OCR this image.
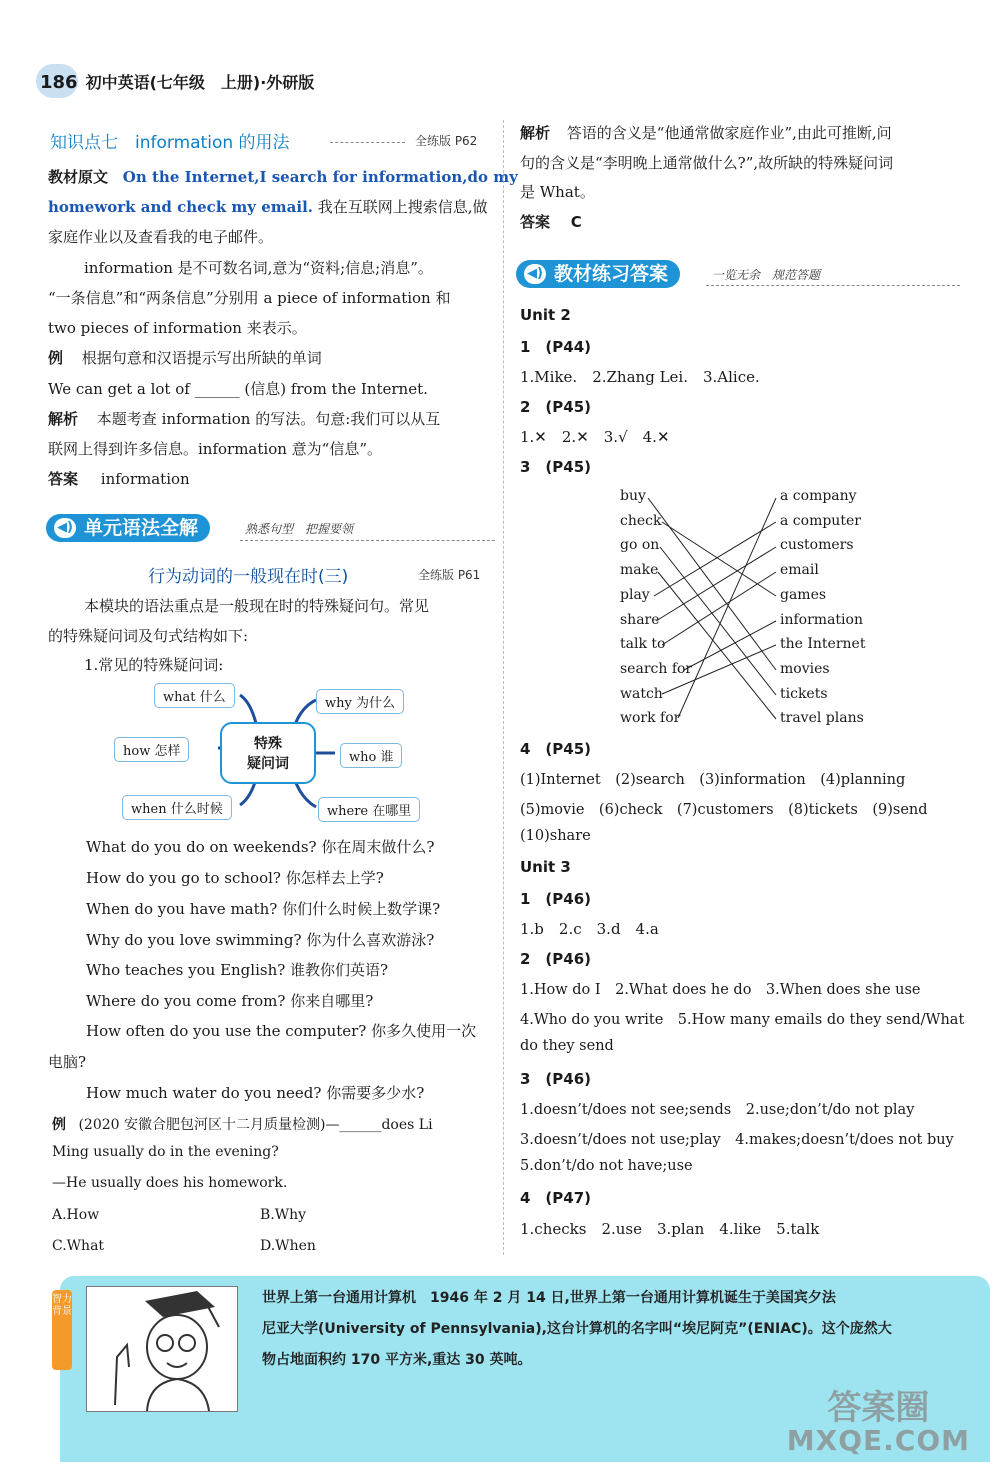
186 初中英语(七年级　上册)·外研版
知识点七　information 的用法	全练版 P62
教材原文 On the Internet,I search for information,do my
homework and check my email. 我在互联网上搜索信息,做
家庭作业以及查看我的电子邮件。
information 是不可数名词,意为“资料;信息;消息”。
“一条信息”和“两条信息”分别用 a piece of information 和
two pieces of information 来表示。
例 根据句意和汉语提示写出所缺的单词
We can get a lot of ______ (信息) from the Internet.
解析 本题考查 information 的写法。句意:我们可以从互
联网上得到许多信息。information 意为“信息”。
答案 information
◀) 单元语法全解	熟悉句型　把握要领
行为动词的一般现在时(三)	全练版 P61
本模块的语法重点是一般现在时的特殊疑问句。常见
的特殊疑问词及句式结构如下:
1.常见的特殊疑问词:
what 什么
how 怎样
when 什么时候
why 为什么
who 谁
where 在哪里
特殊
疑问词
What do you do on weekends? 你在周末做什么?
How do you go to school? 你怎样去上学?
When do you have math? 你们什么时候上数学课?
Why do you love swimming? 你为什么喜欢游泳?
Who teaches you English? 谁教你们英语?
Where do you come from? 你来自哪里?
How often do you use the computer? 你多久使用一次
电脑?
How much water do you need? 你需要多少水?
例 (2020 安徽合肥包河区十二月质量检测)—______does Li
Ming usually do in the evening?
—He usually does his homework.
A.How	B.Why
C.What	D.When
解析 答语的含义是“他通常做家庭作业”,由此可推断,问
句的含义是“李明晚上通常做什么?”,故所缺的特殊疑问词
是 What。
答案 C
◀) 教材练习答案	一览无余　规范答题
Unit 2
1　(P44)
1.Mike.　2.Zhang Lei.　3.Alice.
2　(P45)
1.✕　2.✕　3.√　4.✕
3　(P45)
buy
check
go on
make
play
share
talk to
search for
watch
work for
a company
a computer
customers
email
games
information
the Internet
movies
tickets
travel plans
4　(P45)
(1)Internet　(2)search　(3)information　(4)planning
(5)movie　(6)check　(7)customers　(8)tickets　(9)send
(10)share
Unit 3
1　(P46)
1.b　2.c　3.d　4.a
2　(P46)
1.How do I　2.What does he do　3.When does she use
4.Who do you write　5.How many emails do they send/What
do they send
3　(P46)
1.doesn’t/does not see;sends　2.use;don’t/do not play
3.doesn’t/does not use;play　4.makes;doesn’t/does not buy
5.don’t/do not have;use
4　(P47)
1.checks　2.use　3.plan　4.like　5.talk
智力背景
世界上第一台通用计算机　1946 年 2 月 14 日,世界上第一台通用计算机诞生于美国宾夕法
尼亚大学(University of Pennsylvania),这台计算机的名字叫“埃尼阿克”(ENIAC)。这个庞然大
物占地面积约 170 平方米,重达 30 英吨。
答案圈
MXQE.COM
